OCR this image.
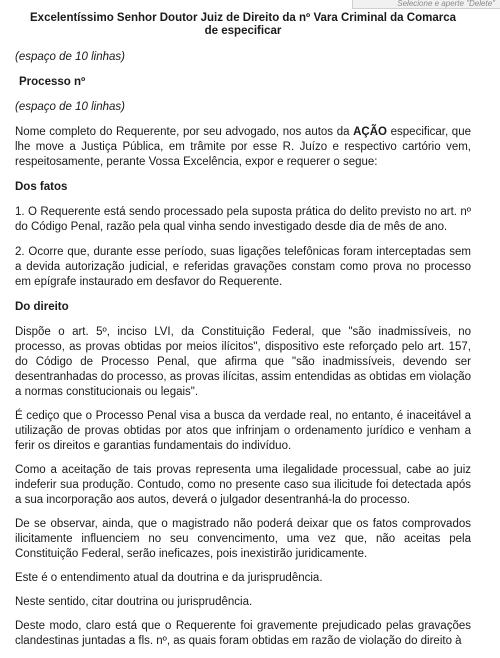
Selecione e aperte "Delete"
Excelentíssimo Senhor Doutor Juiz de Direito da nº Vara Criminal da Comarca de especificar
(espaço de 10 linhas)
Processo nº
(espaço de 10 linhas)

Nome completo do Requerente, por seu advogado, nos autos da AÇÃO especificar, que lhe move a Justiça Pública, em trâmite por esse R. Juízo e respectivo cartório vem, respeitosamente, perante Vossa Excelência, expor e requerer o segue:

Dos fatos

1. O Requerente está sendo processado pela suposta prática do delito previsto no art. nº do Código Penal, razão pela qual vinha sendo investigado desde dia de mês de ano.

2. Ocorre que, durante esse período, suas ligações telefônicas foram interceptadas sem a devida autorização judicial, e referidas gravações constam como prova no processo em epígrafe instaurado em desfavor do Requerente.

Do direito

Dispõe o art. 5º, inciso LVI, da Constituição Federal, que "são inadmissíveis, no processo, as provas obtidas por meios ilícitos", dispositivo este reforçado pelo art. 157, do Código de Processo Penal, que afirma que "são inadmissíveis, devendo ser desentranhadas do processo, as provas ilícitas, assim entendidas as obtidas em violação a normas constitucionais ou legais".

É cediço que o Processo Penal visa a busca da verdade real, no entanto, é inaceitável a utilização de provas obtidas por atos que infrinjam o ordenamento jurídico e venham a ferir os direitos e garantias fundamentais do indivíduo.

Como a aceitação de tais provas representa uma ilegalidade processual, cabe ao juiz indeferir sua produção. Contudo, como no presente caso sua ilicitude foi detectada após a sua incorporação aos autos, deverá o julgador desentranhá-la do processo.

De se observar, ainda, que o magistrado não poderá deixar que os fatos comprovados ilicitamente influenciem no seu convencimento, uma vez que, não aceitas pela Constituição Federal, serão ineficazes, pois inexistirão juridicamente.

Este é o entendimento atual da doutrina e da jurisprudência.

Neste sentido, citar doutrina ou jurisprudência.

Deste modo, claro está que o Requerente foi gravemente prejudicado pelas gravações clandestinas juntadas a fls. nº, as quais foram obtidas em razão de violação do direito à
